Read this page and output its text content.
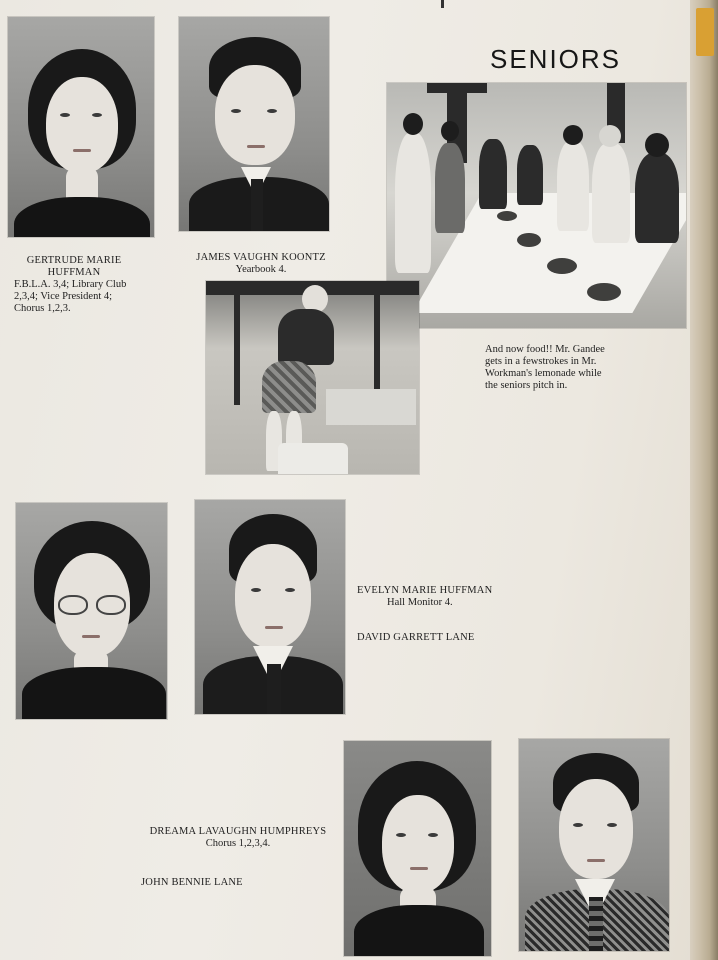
SENIORS
GERTRUDE MARIE HUFFMAN
F.B.L.A. 3,4; Library Club
2,3,4; Vice President 4;
Chorus 1,2,3.
JAMES VAUGHN KOONTZ
Yearbook 4.
And now food!! Mr. Gandee
gets in a fewstrokes in Mr.
Workman's lemonade while
the seniors pitch in.
EVELYN MARIE HUFFMAN
Hall Monitor 4.
DAVID GARRETT LANE
DREAMA LAVAUGHN HUMPHREYS
Chorus 1,2,3,4.
JOHN BENNIE LANE
